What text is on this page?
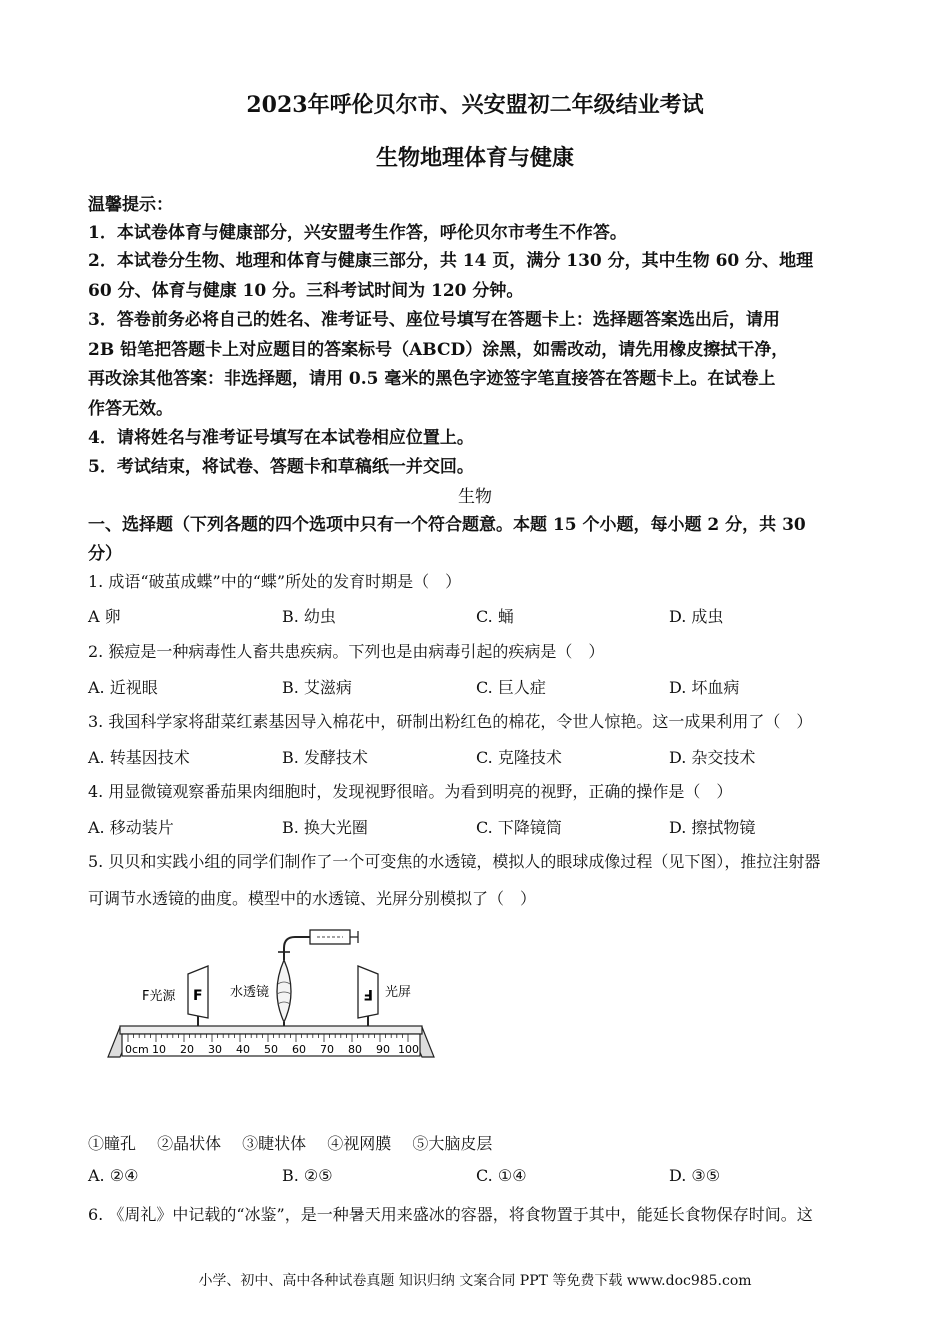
2023年呼伦贝尔市、兴安盟初二年级结业考试
生物地理体育与健康
温馨提示：
1．本试卷体育与健康部分，兴安盟考生作答，呼伦贝尔市考生不作答。
2．本试卷分生物、地理和体育与健康三部分，共 14 页，满分 130 分，其中生物 60 分、地理
60 分、体育与健康 10 分。三科考试时间为 120 分钟。
3．答卷前务必将自己的姓名、准考证号、座位号填写在答题卡上：选择题答案选出后，请用
2B 铅笔把答题卡上对应题目的答案标号（ABCD）涂黑，如需改动，请先用橡皮擦拭干净，
再改涂其他答案：非选择题，请用 0.5 毫米的黑色字迹签字笔直接答在答题卡上。在试卷上
作答无效。
4．请将姓名与准考证号填写在本试卷相应位置上。
5．考试结束，将试卷、答题卡和草稿纸一并交回。
生物
一、选择题（下列各题的四个选项中只有一个符合题意。本题 15 个小题，每小题 2 分，共 30
分）
1. 成语“破茧成蝶”中的“蝶”所处的发育时期是（　）
A 卵	B. 幼虫	C. 蛹	D. 成虫
2. 猴痘是一种病毒性人畜共患疾病。下列也是由病毒引起的疾病是（　）
A. 近视眼	B. 艾滋病	C. 巨人症	D. 坏血病
3. 我国科学家将甜菜红素基因导入棉花中，研制出粉红色的棉花，令世人惊艳。这一成果利用了（　）
A. 转基因技术	B. 发酵技术	C. 克隆技术	D. 杂交技术
4. 用显微镜观察番茄果肉细胞时，发现视野很暗。为看到明亮的视野，正确的操作是（　）
A. 移动装片	B. 换大光圈	C. 下降镜筒	D. 擦拭物镜
5. 贝贝和实践小组的同学们制作了一个可变焦的水透镜，模拟人的眼球成像过程（见下图），推拉注射器
可调节水透镜的曲度。模型中的水透镜、光屏分别模拟了（　）
F
F光源	水透镜	F 光屏
0cm 10 20 30 40 50 60 70 80 90 100
①瞳孔　 ②晶状体　 ③睫状体　 ④视网膜　 ⑤大脑皮层
A. ②④	B. ②⑤	C. ①④	D. ③⑤
6. 《周礼》中记载的“冰鉴”，是一种暑天用来盛冰的容器，将食物置于其中，能延长食物保存时间。这
小学、初中、高中各种试卷真题 知识归纳 文案合同 PPT 等免费下载 www.doc985.com
